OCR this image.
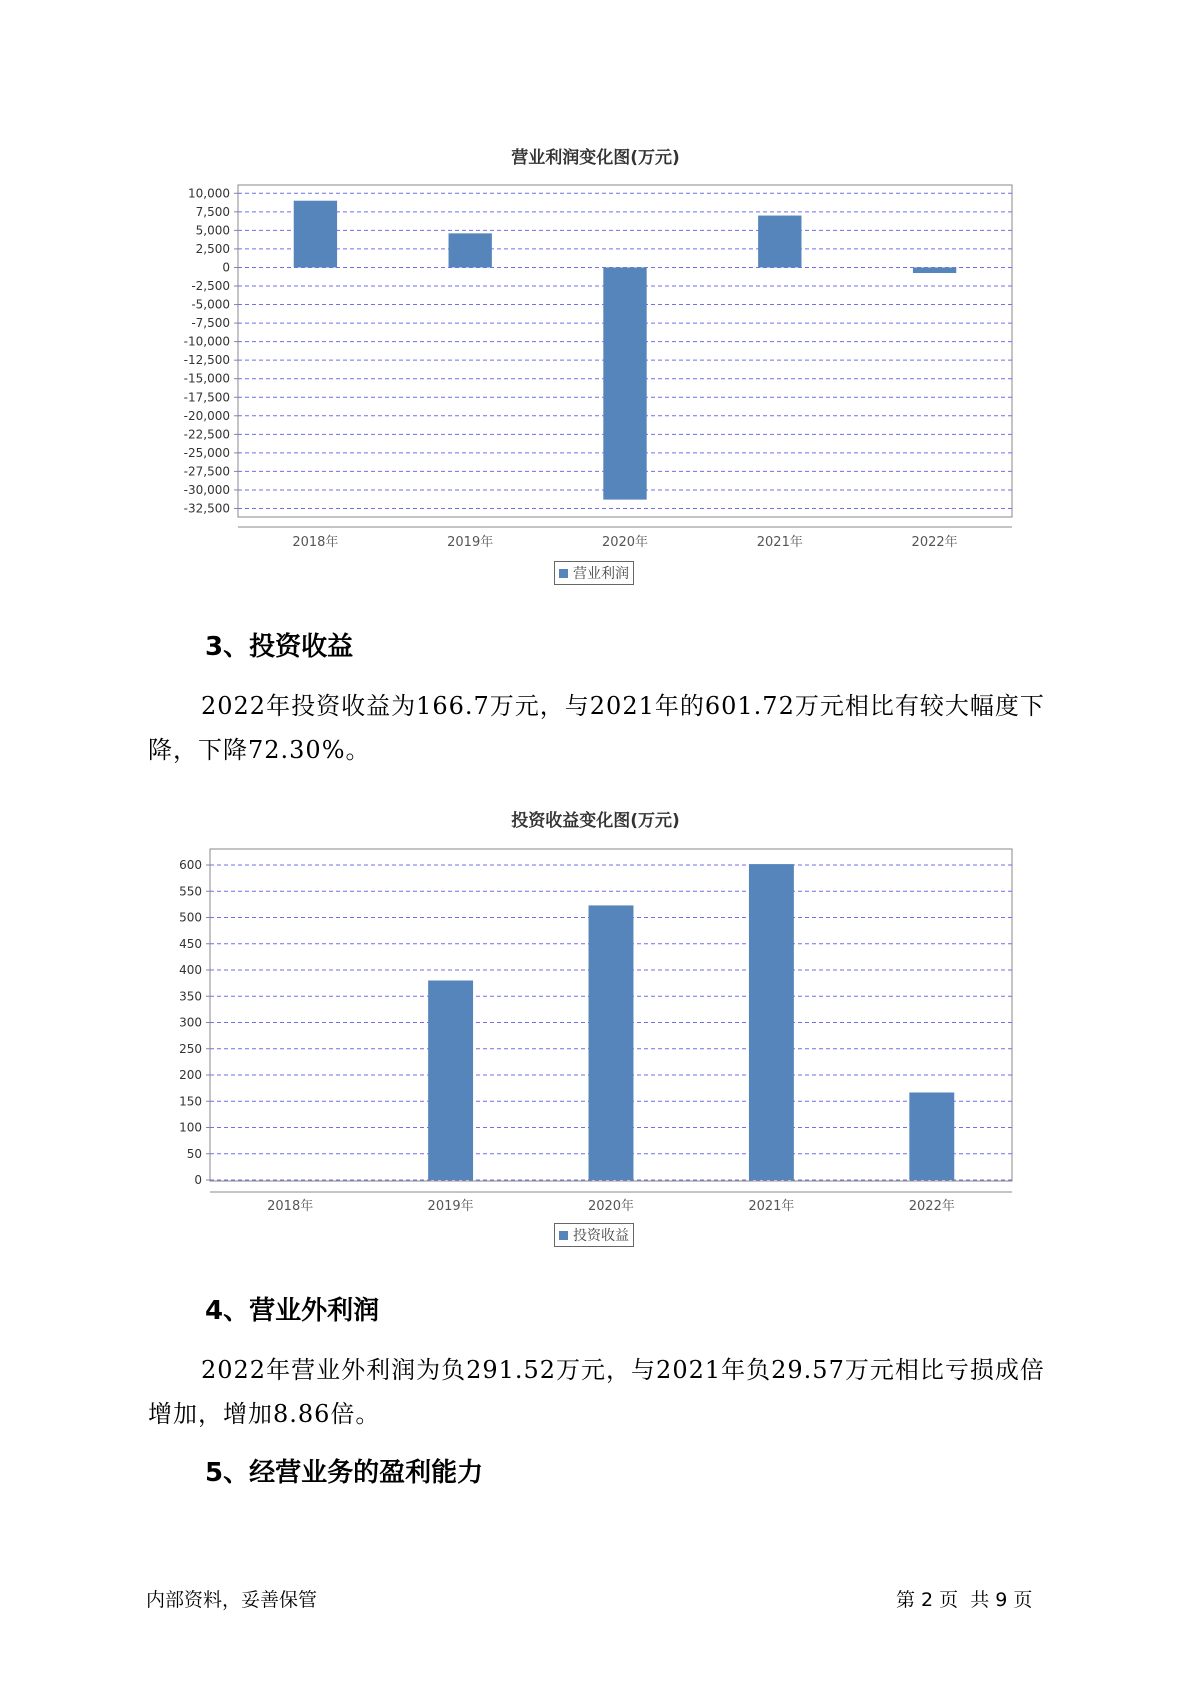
营业利润变化图(万元)
10,000
7,500
5,000
2,500
0
-2,500
-5,000
-7,500
-10,000
-12,500
-15,000
-17,500
-20,000
-22,500
-25,000
-27,500
-30,000
-32,500
2018年	2019年	2020年	2021年	2022年
营业利润
3、投资收益
2022年投资收益为166.7万元，与2021年的601.72万元相比有较大幅度下降，下降72.30%。
投资收益变化图(万元)
600
550
500
450
400
350
300
250
200
150
100
50
0
2018年	2019年	2020年	2021年	2022年
投资收益
4、营业外利润
2022年营业外利润为负291.52万元，与2021年负29.57万元相比亏损成倍增加，增加8.86倍。
5、经营业务的盈利能力
内部资料，妥善保管	第 2 页  共 9 页
